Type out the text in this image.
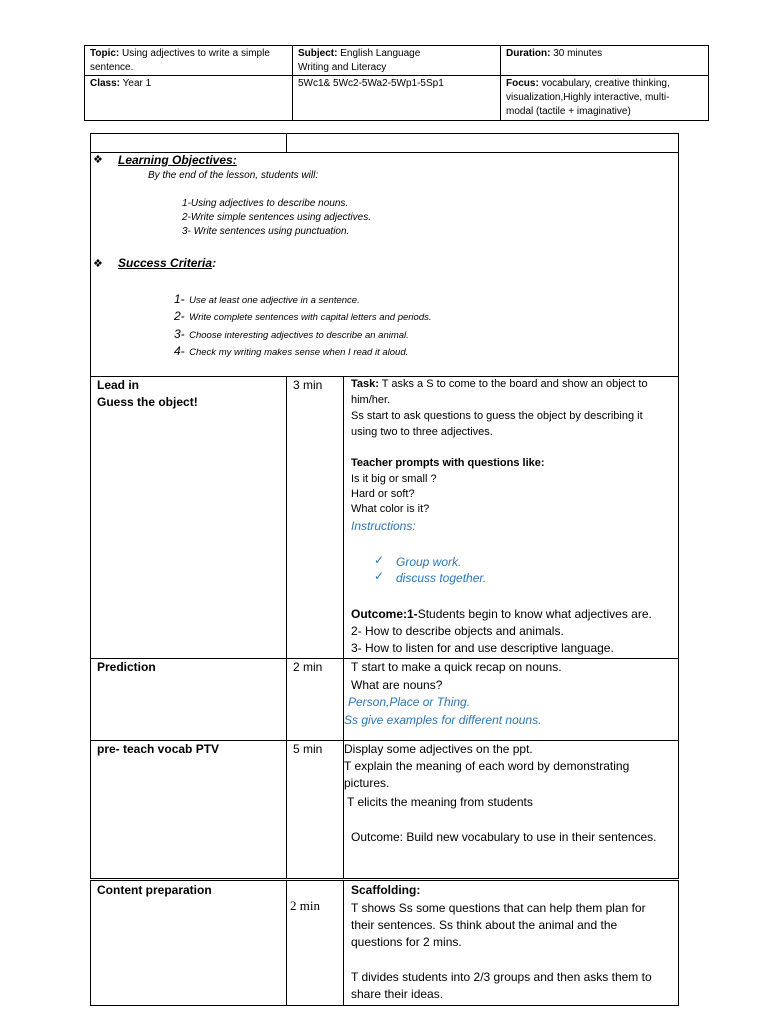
Topic: Using adjectives to write a simple
sentence.
Subject: English Language
Writing and Literacy
Duration: 30 minutes
Class: Year 1	5Wc1& 5Wc2-5Wa2-5Wp1-5Sp1	Focus: vocabulary, creative thinking,
visualization,Highly interactive, multi-
modal (tactile + imaginative)
❖ Learning Objectives:
By the end of the lesson, students will:
1-Using adjectives to describe nouns.
2-Write simple sentences using adjectives.
3- Write sentences using punctuation.
❖ Success Criteria:
1- Use at least one adjective in a sentence.
2- Write complete sentences with capital letters and periods.
3- Choose interesting adjectives to describe an animal.
4- Check my writing makes sense when I read it aloud.
Lead in
Guess the object!
3 min	Task: T asks a S to come to the board and show an object to
him/her.
Ss start to ask questions to guess the object by describing it
using two to three adjectives.
Teacher prompts with questions like:
Is it big or small ?
Hard or soft?
What color is it?
Instructions:
✓ Group work.
✓ discuss together.
Outcome:1-Students begin to know what adjectives are.
2- How to describe objects and animals.
3- How to listen for and use descriptive language.
Prediction	2 min T start to make a quick recap on nouns.
What are nouns?
Person,Place or Thing.
Ss give examples for different nouns.
pre- teach vocab PTV	5 min Display some adjectives on the ppt.
T explain the meaning of each word by demonstrating
pictures.
T elicits the meaning from students
Outcome: Build new vocabulary to use in their sentences.
Content preparation
2 min
Scaffolding:
T shows Ss some questions that can help them plan for
their sentences. Ss think about the animal and the
questions for 2 mins.
T divides students into 2/3 groups and then asks them to
share their ideas.
